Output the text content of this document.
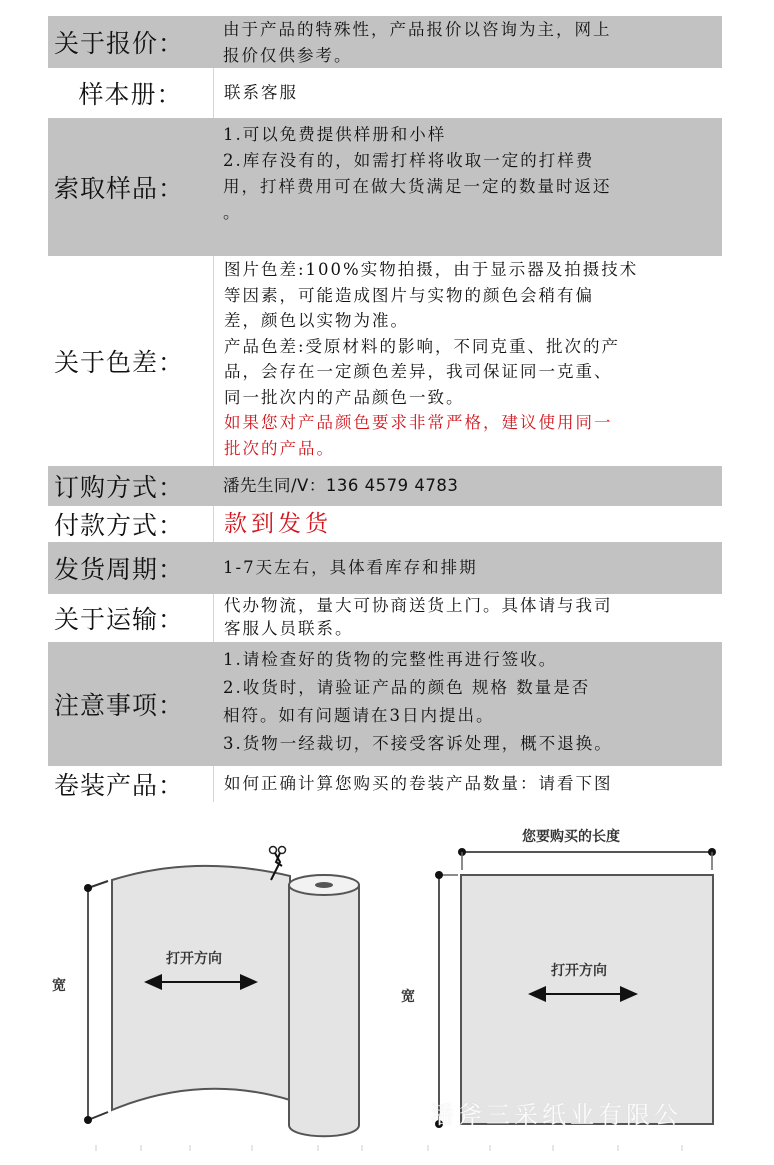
关于报价：	由于产品的特殊性，产品报价以咨询为主，网上
报价仅供参考。
样本册：	联系客服
索取样品：
1.可以免费提供样册和小样
2.库存没有的，如需打样将收取一定的打样费
用，打样费用可在做大货满足一定的数量时返还
。
关于色差：
图片色差:100%实物拍摄，由于显示器及拍摄技术
等因素，可能造成图片与实物的颜色会稍有偏
差，颜色以实物为准。
产品色差:受原材料的影响，不同克重、批次的产
品，会存在一定颜色差异，我司保证同一克重、
同一批次内的产品颜色一致。
如果您对产品颜色要求非常严格，建议使用同一
批次的产品。
订购方式：	潘先生同/V：136 4579 4783
付款方式：	款到发货
发货周期：	1-7天左右，具体看库存和排期
关于运输：	代办物流，量大可协商送货上门。具体请与我司
客服人员联系。
注意事项：
1.请检查好的货物的完整性再进行签收。
2.收货时，请验证产品的颜色 规格 数量是否
相符。如有问题请在3日内提出。
3.货物一经裁切，不接受客诉处理，概不退换。
卷装产品：	如何正确计算您购买的卷装产品数量：请看下图
宽
打开方向
您要购买的长度
宽
打开方向
潘斧三采纸业有限公
